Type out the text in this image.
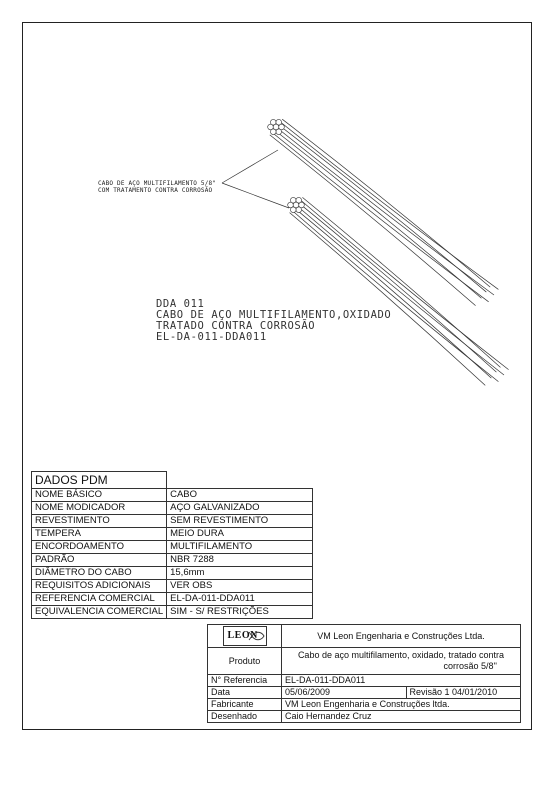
CABO DE AÇO MULTIFILAMENTO 5/8"
COM TRATAMENTO CONTRA CORROSÃO
DDA 011
CABO DE AÇO MULTIFILAMENTO,OXIDADO
TRATADO CONTRA CORROSÃO
EL-DA-011-DDA011
DADOS PDM	
NOME BÁSICO	CABO
NOME MODICADOR	AÇO GALVANIZADO
REVESTIMENTO	SEM REVESTIMENTO
TEMPERA	MEIO DURA
ENCORDOAMENTO	MULTIFILAMENTO
PADRÃO	NBR 7288
DIÂMETRO DO CABO	15,6mm
REQUISITOS ADICIONAIS	VER OBS
REFERENCIA COMERCIAL	EL-DA-011-DDA011
EQUIVALENCIA COMERCIAL	SIM - S/ RESTRIÇÕES
LEON	VM Leon Engenharia e Construções Ltda.	
Produto	Cabo de aço multifilamento, oxidado, tratado contra
corrosão 5/8''	

N° Referencia	EL-DA-011-DDA011	
Data	05/06/2009	Revisão 1 04/01/2010
Fabricante	VM Leon Engenharia e Construções ltda.	
Desenhado	Caio Hernandez Cruz	
